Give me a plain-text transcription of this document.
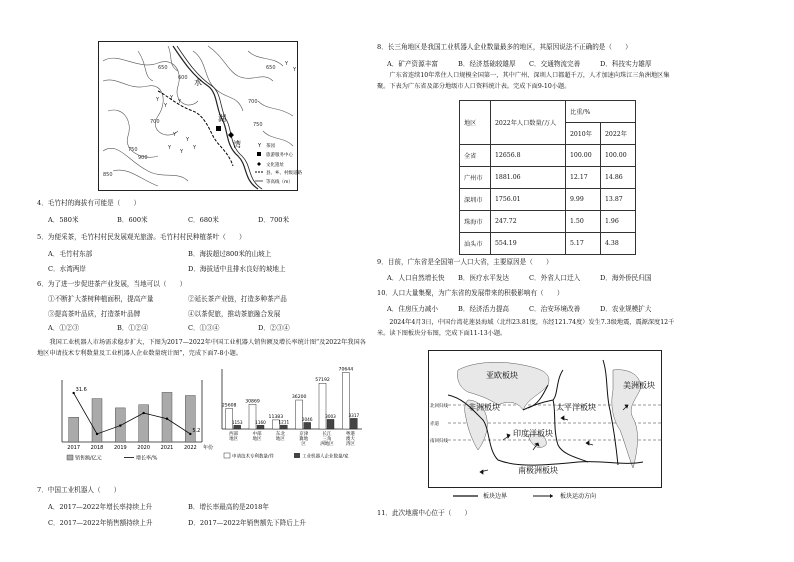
水
湖
湾
650
600
650
700
750
700
750
850
900
Y
Y
Y
Y
Y
Y
Y
Y
Y
Y
Y
Y 茶园
旅游服务中心
文化遗址
县、乡、村级道路
等高线（m）
4．毛竹村的海拔有可能是（　　）
A．580米	B．600米	C．680米	D．700米
5．为便采茶，毛竹村村民发展观光旅游。毛竹村村民种植茶叶（　　）
A．毛竹村东部	B．海拔超过800米的山坡上
C．水湾两岸	D．海拔适中且排水良好的坡地上
6．为了进一步促进茶产业发展，当地可以（　　）
①不断扩大茶树种植面积，提高产量	②延长茶产业链，打造多种茶产品
③提高茶叶品质，打造茶叶品牌	④以茶促旅，推动茶旅融合发展
A．①②③	B．①②④	C．①③④	D．②③④
我国工业机器人市场需求稳步扩大，下图为2017—2022年中国工业机器人销售额及增长率统计图“及2022年我国各地区申请技术专利数量及工业机器人企业数量统计图”，完成下面7-8小题。
2017
31.6
2018 2019 2020 2021 2022
5.2
年份
销售额/亿元	增长率/%
25608
1153
西部
地区
30869
1160
中部
地区
11383
1211
东北
地区
36200
2046
京津
冀地
区
57192
3003
长江
三角
洲地区
70644
3317
粤港
澳大
湾区
申请技术专利数量/件	工业机器人企业数量/家
7．中国工业机器人（　　）
A．2017—2022年增长率持续上升	B．增长率最高的是2018年
C．2017—2022年销售额持续上升	D．2017—2022年销售额先下降后上升
8．长三角地区是我国工业机器人企业数量最多的地区，其原因说法不正确的是（　　）
A．矿产资源丰富	B．经济基础较雄厚 C．交通物流完善	D．科技实力雄厚
广东省连续10年常住人口规模全国第一，其中广州、深圳人口都超千万，人才加速向珠江三角洲地区集聚。下表为广东省及部分地级市人口资料统计表。完成下面9-10小题。
地区	2022年人口数量/万人	比重/%	
		2010年	2022年
全省	12656.8	100.00	100.00
广州市	1881.06	12.17	14.86
深圳市	1756.01	9.99	13.87
珠海市	247.72	1.50	1.96
汕头市	554.19	5.17	4.38
9．目前，广东省是全国第一人口大省，主要原因是（　　）
A．人口自然增长快 B．医疗水平发达	C．外省人口迁入	D．海外侨民归国
10．人口大量集聚，为广东省的发展带来的积极影响有（　　）
A．住房压力减小	B．经济活力提高	C．治安环境改善	D．农业规模扩大
2024年4月3日，中国台湾花莲县海域（北纬23.81度，东经121.74度）发生7.3级地震，震源深度12千米。读下图板块分布图，完成下面11-13小题。
北回归线
赤道
南回归线
亚欧板块
美洲板块
太平洋板块
非洲板块
印度洋板块
南极洲板块
板块边界	板块运动方向
11．此次地震中心位于（　　）
